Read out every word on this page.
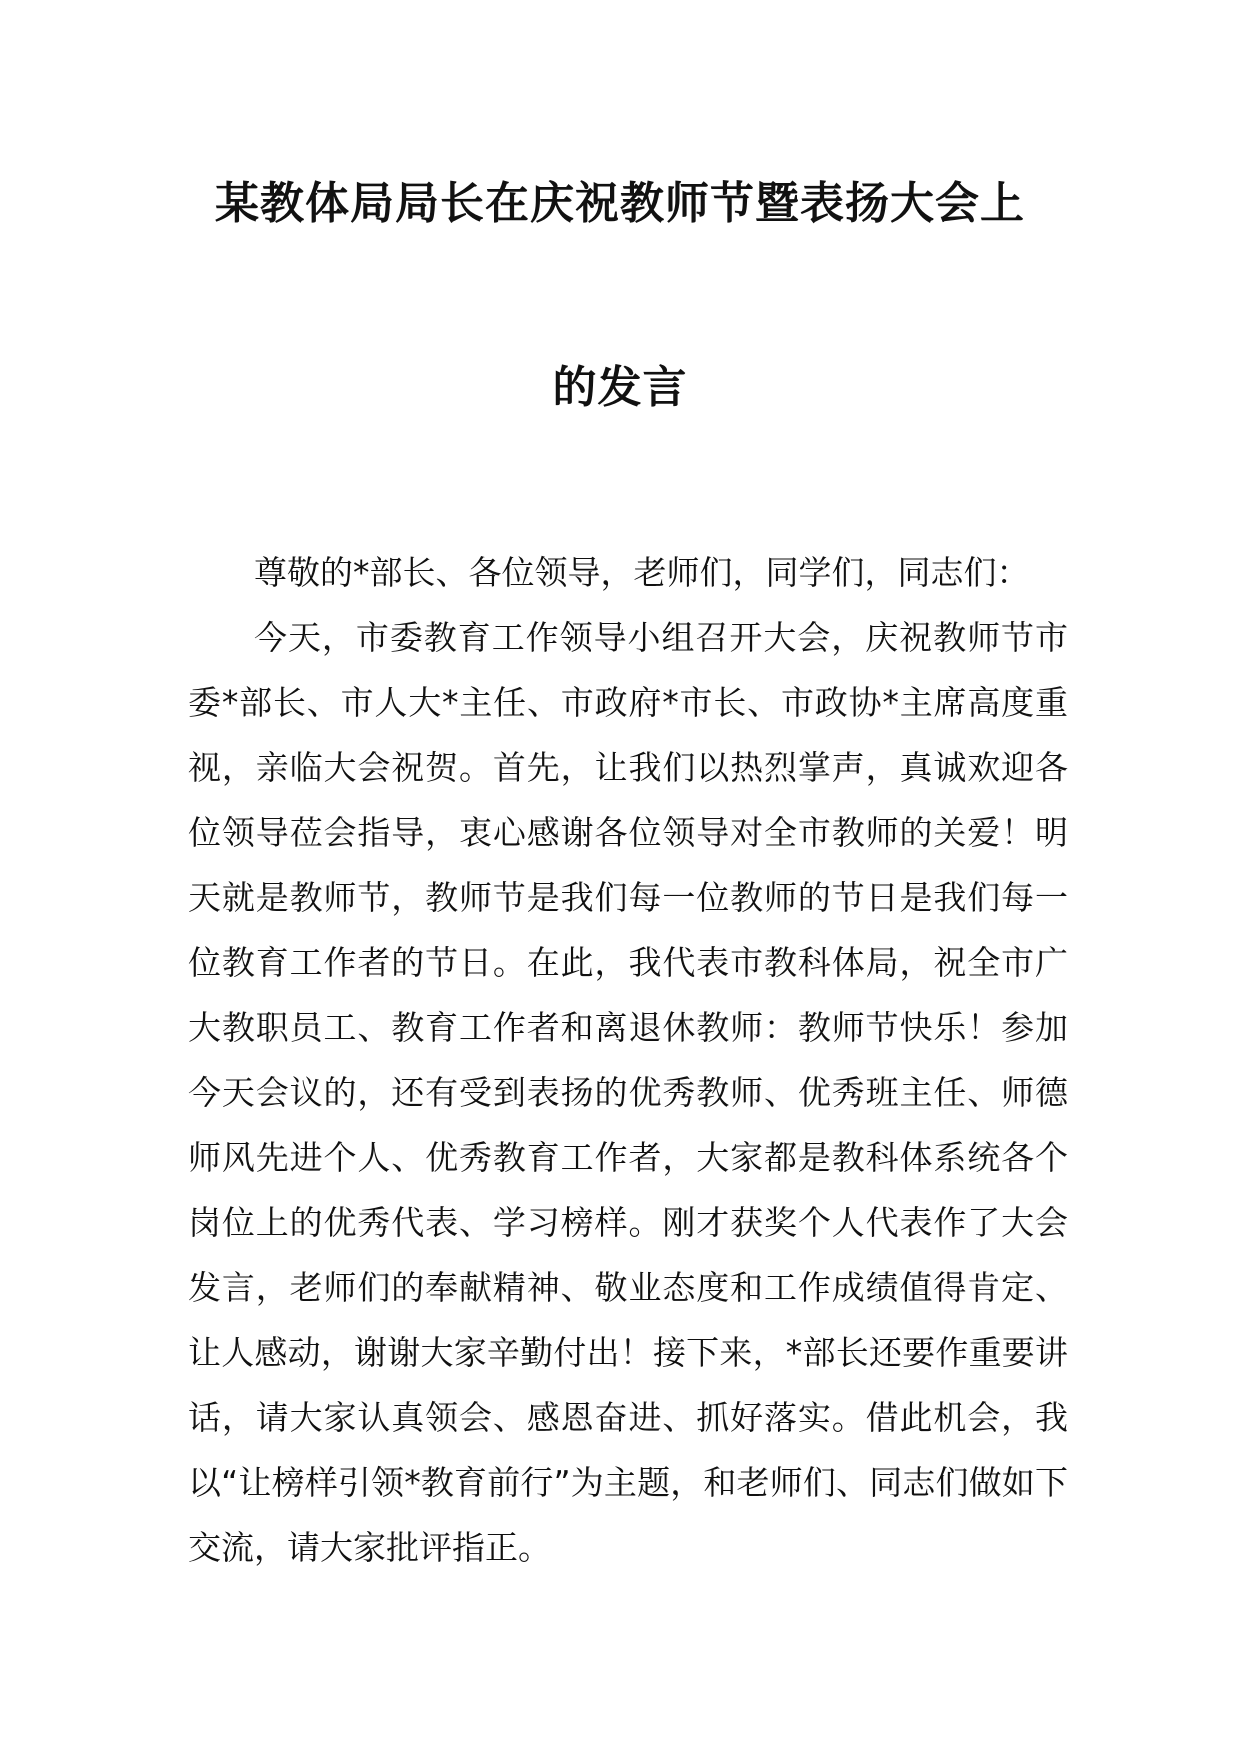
某教体局局长在庆祝教师节暨表扬大会上
的发言
尊敬的*部长、各位领导，老师们，同学们，同志们：
今天，市委教育工作领导小组召开大会，庆祝教师节市委*部长、市人大*主任、市政府*市长、市政协*主席高度重视，亲临大会祝贺。首先，让我们以热烈掌声，真诚欢迎各位领导莅会指导，衷心感谢各位领导对全市教师的关爱！明天就是教师节，教师节是我们每一位教师的节日是我们每一位教育工作者的节日。在此，我代表市教科体局，祝全市广大教职员工、教育工作者和离退休教师：教师节快乐！参加今天会议的，还有受到表扬的优秀教师、优秀班主任、师德师风先进个人、优秀教育工作者，大家都是教科体系统各个岗位上的优秀代表、学习榜样。刚才获奖个人代表作了大会发言，老师们的奉献精神、敬业态度和工作成绩值得肯定、让人感动，谢谢大家辛勤付出！接下来，*部长还要作重要讲话，请大家认真领会、感恩奋进、抓好落实。借此机会，我以“让榜样引领*教育前行”为主题，和老师们、同志们做如下交流，请大家批评指正。
